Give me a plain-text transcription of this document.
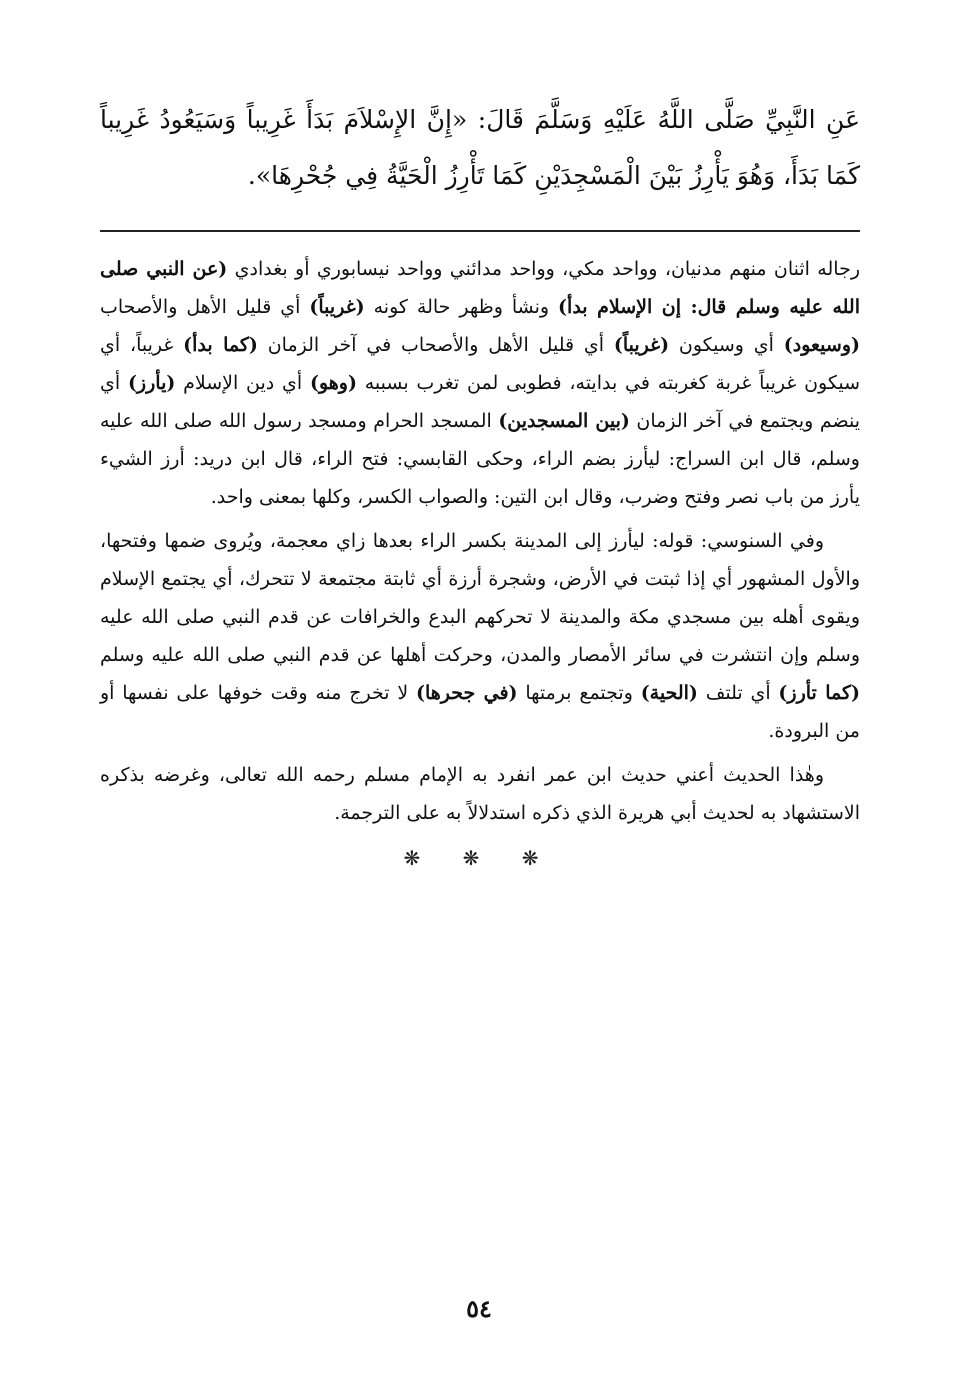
عَنِ النَّبِيِّ صَلَّى اللَّهُ عَلَيْهِ وَسَلَّمَ قَالَ: «إِنَّ الإِسْلاَمَ بَدَأَ غَرِيباً وَسَيَعُودُ غَرِيباً كَمَا بَدَأَ، وَهُوَ يَأْرِزُ بَيْنَ الْمَسْجِدَيْنِ كَمَا تَأْرِزُ الْحَيَّةُ فِي جُحْرِهَا».

رجاله اثنان منهم مدنيان، وواحد مكي، وواحد مدائني وواحد نيسابوري أو بغدادي (عن النبي صلى الله عليه وسلم قال: إن الإسلام بدأ) ونشأ وظهر حالة كونه (غريباً) أي قليل الأهل والأصحاب (وسيعود) أي وسيكون (غريباً) أي قليل الأهل والأصحاب في آخر الزمان (كما بدأ) غريباً، أي سيكون غريباً غربة كغربته في بدايته، فطوبى لمن تغرب بسببه (وهو) أي دين الإسلام (يأرز) أي ينضم ويجتمع في آخر الزمان (بين المسجدين) المسجد الحرام ومسجد رسول الله صلى الله عليه وسلم، قال ابن السراج: ليأرز بضم الراء، وحكى القابسي: فتح الراء، قال ابن دريد: أرز الشيء يأرز من باب نصر وفتح وضرب، وقال ابن التين: والصواب الكسر، وكلها بمعنى واحد.

وفي السنوسي: قوله: ليأرز إلى المدينة بكسر الراء بعدها زاي معجمة، ويُروى ضمها وفتحها، والأول المشهور أي إذا ثبتت في الأرض، وشجرة أرزة أي ثابتة مجتمعة لا تتحرك، أي يجتمع الإسلام ويقوى أهله بين مسجدي مكة والمدينة لا تحركهم البدع والخرافات عن قدم النبي صلى الله عليه وسلم وإن انتشرت في سائر الأمصار والمدن، وحركت أهلها عن قدم النبي صلى الله عليه وسلم (كما تأرز) أي تلتف (الحية) وتجتمع برمتها (في جحرها) لا تخرج منه وقت خوفها على نفسها أو من البرودة.

وهٰذا الحديث أعني حديث ابن عمر انفرد به الإمام مسلم رحمه الله تعالى، وغرضه بذكره الاستشهاد به لحديث أبي هريرة الذي ذكره استدلالاً به على الترجمة.

❋ ❋ ❋
٥٤
